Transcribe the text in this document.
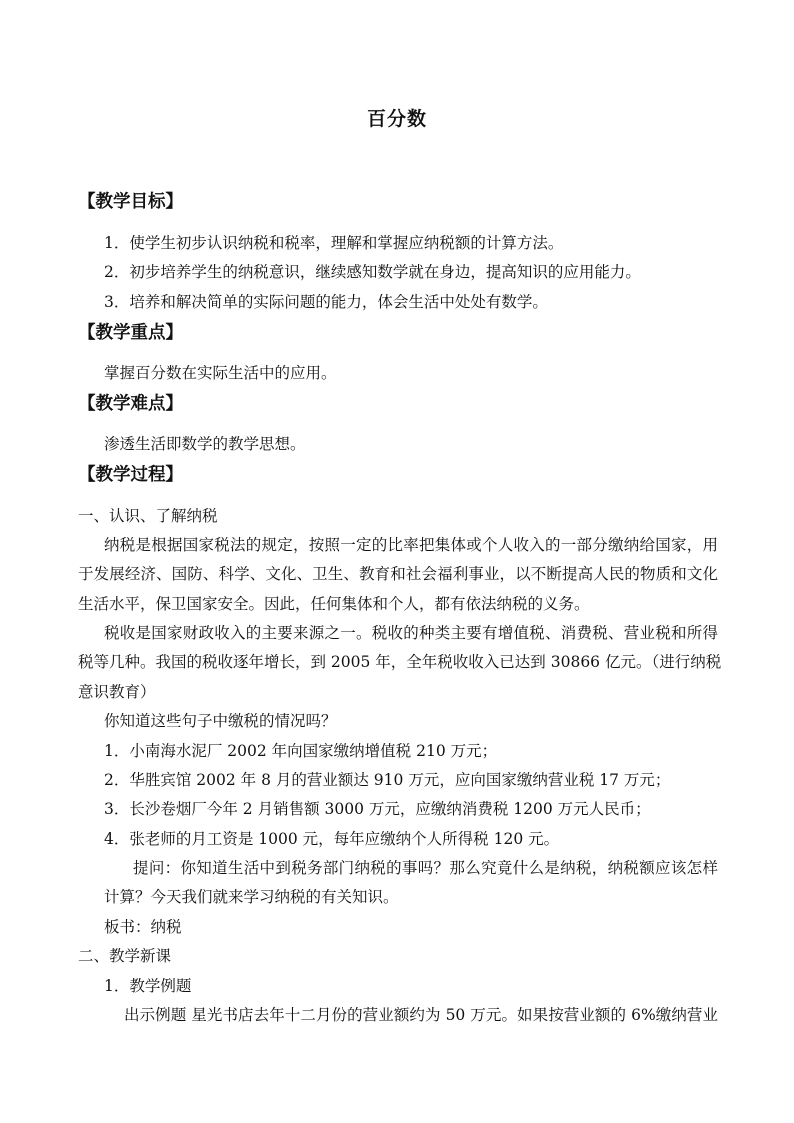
百分数
【教学目标】
1．使学生初步认识纳税和税率，理解和掌握应纳税额的计算方法。
2．初步培养学生的纳税意识，继续感知数学就在身边，提高知识的应用能力。
3．培养和解决简单的实际问题的能力，体会生活中处处有数学。
【教学重点】
掌握百分数在实际生活中的应用。
【教学难点】
渗透生活即数学的教学思想。
【教学过程】
一、认识、了解纳税
纳税是根据国家税法的规定，按照一定的比率把集体或个人收入的一部分缴纳给国家，用
于发展经济、国防、科学、文化、卫生、教育和社会福利事业，以不断提高人民的物质和文化
生活水平，保卫国家安全。因此，任何集体和个人，都有依法纳税的义务。
税收是国家财政收入的主要来源之一。税收的种类主要有增值税、消费税、营业税和所得
税等几种。我国的税收逐年增长，到 2005 年，全年税收收入已达到 30866 亿元。（进行纳税
意识教育）
你知道这些句子中缴税的情况吗？
1．小南海水泥厂 2002 年向国家缴纳增值税 210 万元；
2．华胜宾馆 2002 年 8 月的营业额达 910 万元，应向国家缴纳营业税 17 万元；
3．长沙卷烟厂今年 2 月销售额 3000 万元，应缴纳消费税 1200 万元人民币；
4．张老师的月工资是 1000 元，每年应缴纳个人所得税 120 元。
提问：你知道生活中到税务部门纳税的事吗？那么究竟什么是纳税，纳税额应该怎样
计算？今天我们就来学习纳税的有关知识。
板书：纳税
二、教学新课
1．教学例题
出示例题 星光书店去年十二月份的营业额约为 50 万元。如果按营业额的 6%缴纳营业
